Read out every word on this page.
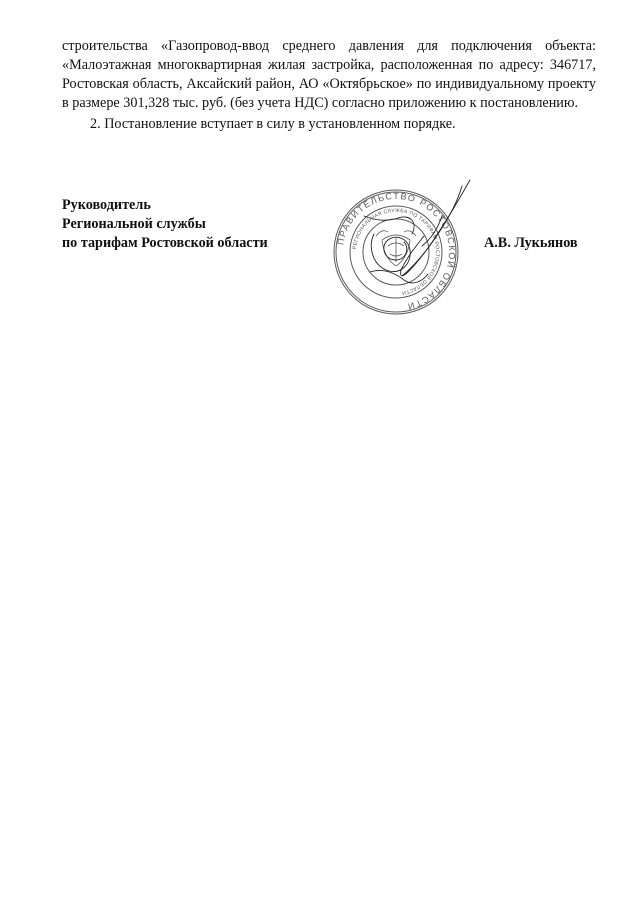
строительства «Газопровод-ввод среднего давления для подключения объекта: «Малоэтажная многоквартирная жилая застройка, расположенная по адресу: 346717, Ростовская область, Аксайский район, АО «Октябрьское» по индивидуальному проекту в размере 301,328 тыс. руб. (без учета НДС) согласно приложению к постановлению.

2. Постановление вступает в силу в установленном порядке.

Руководитель
Региональной службы
по тарифам Ростовской области	ПРАВИТЕЛЬСТВО РОСТОВСКОЙ ОБЛАСТИ
РЕГИОНАЛЬНАЯ СЛУЖБА ПО ТАРИФАМ РОСТОВСКОЙ ОБЛАСТИ
А.В. Лукьянов
